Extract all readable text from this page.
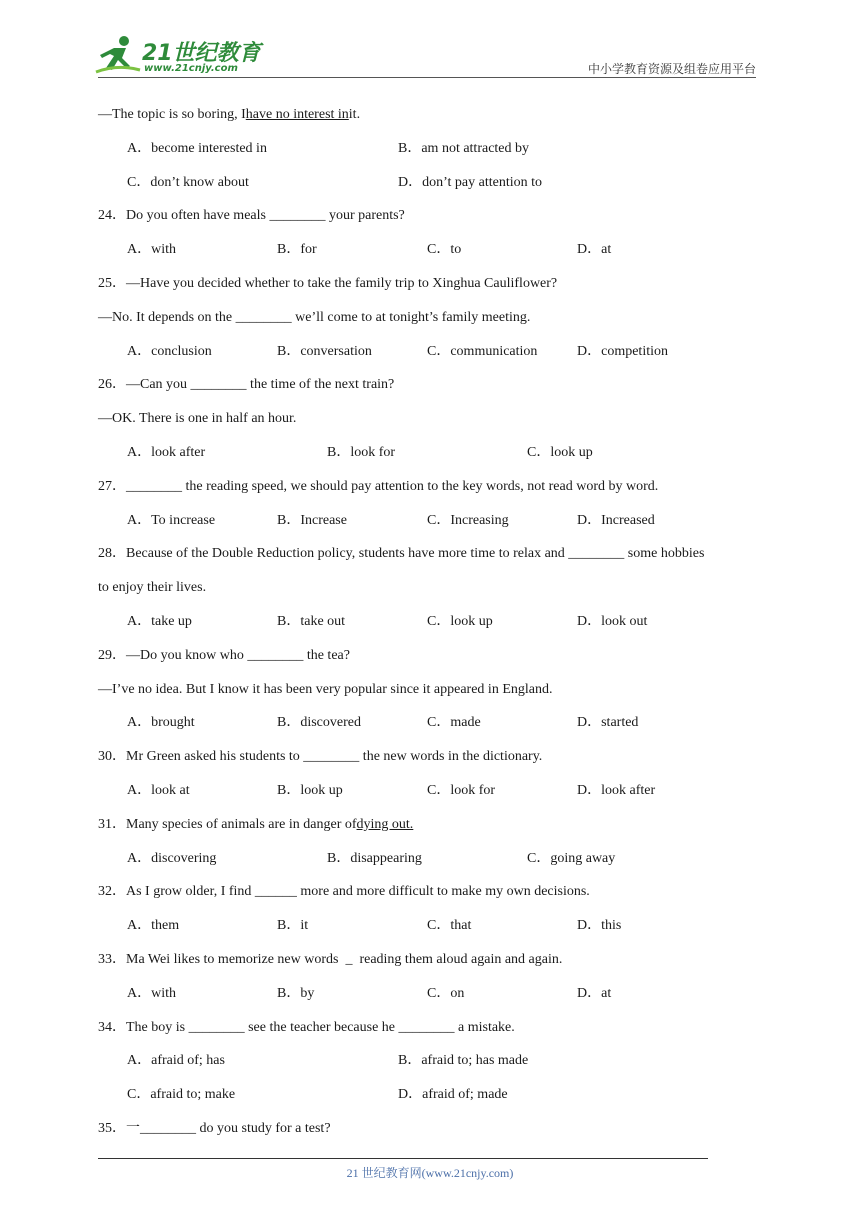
21世纪教育
www.21cnjy.com	中小学教育资源及组卷应用平台
—The topic is so boring, I have no interest in it.
A．become interested in	B．am not attracted by
C．don’t know about	D．don’t pay attention to
24．Do you often have meals ________ your parents?
A．with	B．for	C．to	D．at
25．—Have you decided whether to take the family trip to Xinghua Cauliflower?
—No. It depends on the ________ we’ll come to at tonight’s family meeting.
A．conclusion	B．conversation	C．communication	D．competition
26．—Can you ________ the time of the next train?
—OK. There is one in half an hour.
A．look after	B．look for	C．look up
27．________ the reading speed, we should pay attention to the key words, not read word by word.
A．To increase	B．Increase	C．Increasing	D．Increased
28．Because of the Double Reduction policy, students have more time to relax and ________ some hobbies
to enjoy their lives.
A．take up	B．take out	C．look up	D．look out
29．—Do you know who ________ the tea?
—I’ve no idea. But I know it has been very popular since it appeared in England.
A．brought	B．discovered	C．made	D．started
30．Mr Green asked his students to ________ the new words in the dictionary.
A．look at	B．look up	C．look for	D．look after
31．Many species of animals are in danger of dying out.
A．discovering	B．disappearing	C．going away
32．As I grow older, I find ______ more and more difficult to make my own decisions.
A．them	B．it	C．that	D．this
33．Ma Wei likes to memorize new words  _  reading them aloud again and again.
A．with	B．by	C．on	D．at
34．The boy is ________ see the teacher because he ________ a mistake.
A．afraid of; has	B．afraid to; has made
C．afraid to; make	D．afraid of; made
35．一________ do you study for a test?
21 世纪教育网(www.21cnjy.com)
